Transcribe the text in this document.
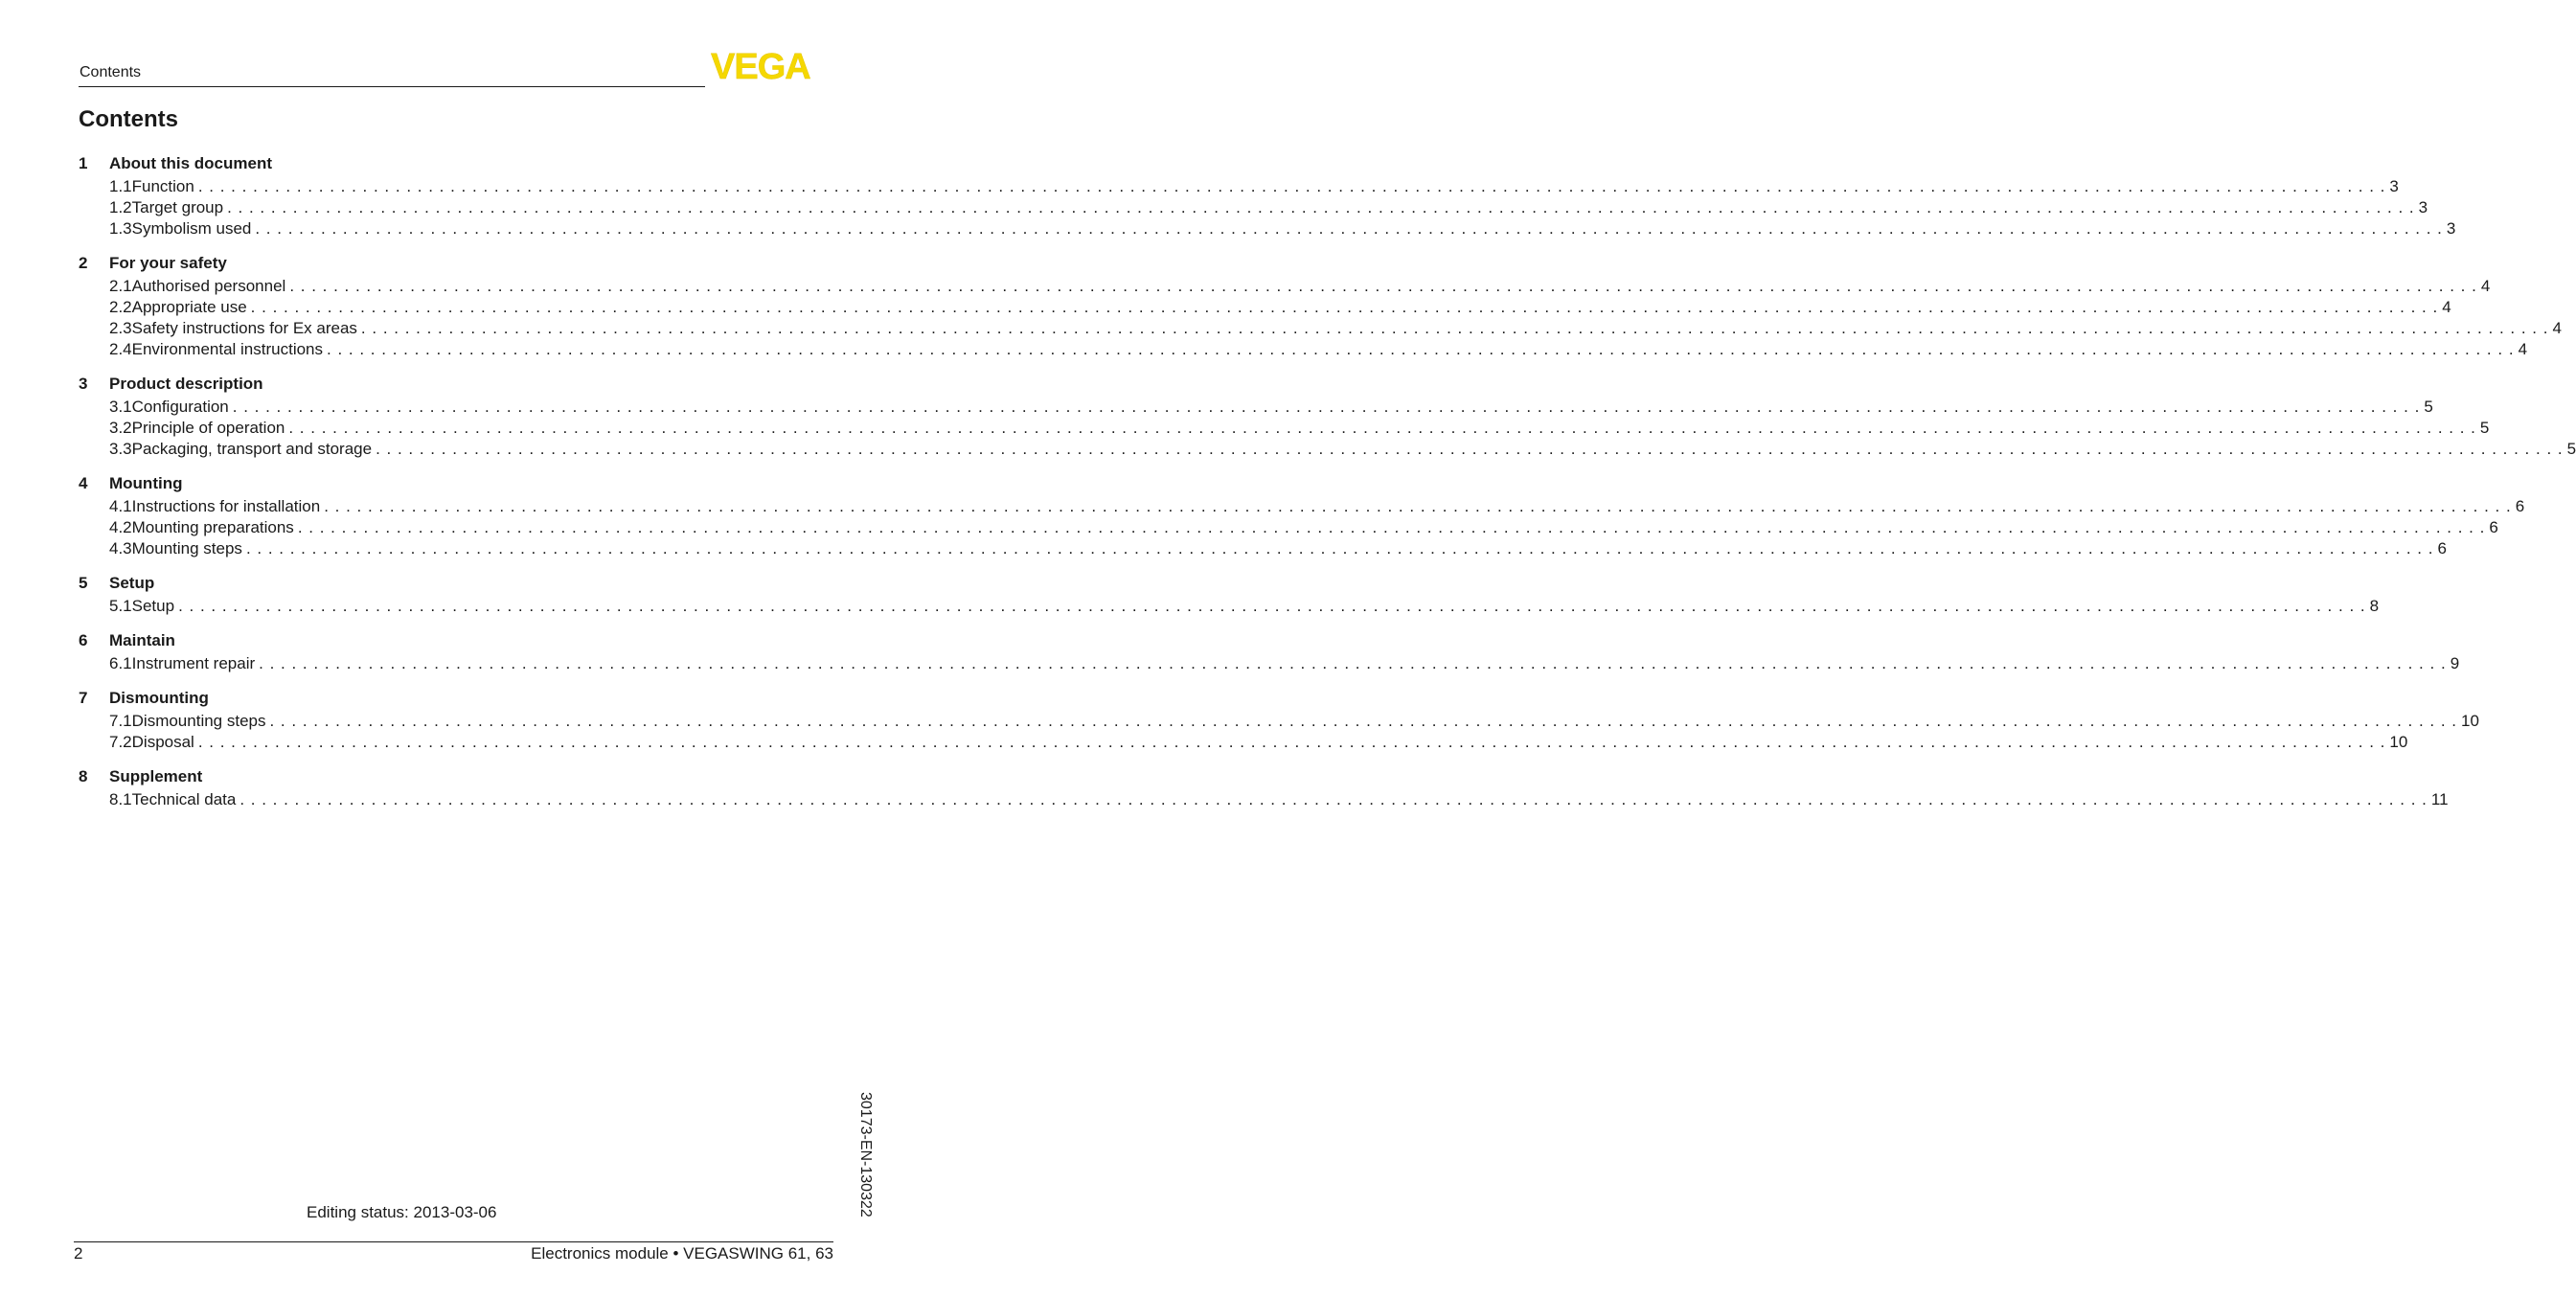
Contents	VEGA
Contents
1	About this document
1.1 Function . . . . . . . . . . . . . . . . . . . . . . . . . . . . . . . . . . . . . . . . . . . . . . . . . . . . . . . . . . . . . . . . . . . . . . . . . . . . . . . . . . . . . . . . . . . . . . . . . . . . . . . . . . . . . . . . . . . . . . . . . . . . . . . . . . . . . . . . . . . . . . . . . . . . . . . . . . . . . . . . . . . . . . . . . . . . . . . . . . . . . . . . . . . . . . . . . . . . . . . . 3
1.2 Target group . . . . . . . . . . . . . . . . . . . . . . . . . . . . . . . . . . . . . . . . . . . . . . . . . . . . . . . . . . . . . . . . . . . . . . . . . . . . . . . . . . . . . . . . . . . . . . . . . . . . . . . . . . . . . . . . . . . . . . . . . . . . . . . . . . . . . . . . . . . . . . . . . . . . . . . . . . . . . . . . . . . . . . . . . . . . . . . . . . . . . . . . . . . . . . . . . . . . . . . . 3
1.3 Symbolism used . . . . . . . . . . . . . . . . . . . . . . . . . . . . . . . . . . . . . . . . . . . . . . . . . . . . . . . . . . . . . . . . . . . . . . . . . . . . . . . . . . . . . . . . . . . . . . . . . . . . . . . . . . . . . . . . . . . . . . . . . . . . . . . . . . . . . . . . . . . . . . . . . . . . . . . . . . . . . . . . . . . . . . . . . . . . . . . . . . . . . . . . . . . . . . . . . . . . . . . . 3
2	For your safety
2.1 Authorised personnel . . . . . . . . . . . . . . . . . . . . . . . . . . . . . . . . . . . . . . . . . . . . . . . . . . . . . . . . . . . . . . . . . . . . . . . . . . . . . . . . . . . . . . . . . . . . . . . . . . . . . . . . . . . . . . . . . . . . . . . . . . . . . . . . . . . . . . . . . . . . . . . . . . . . . . . . . . . . . . . . . . . . . . . . . . . . . . . . . . . . . . . . . . . . . . . . . . . . . . . . 4
2.2 Appropriate use . . . . . . . . . . . . . . . . . . . . . . . . . . . . . . . . . . . . . . . . . . . . . . . . . . . . . . . . . . . . . . . . . . . . . . . . . . . . . . . . . . . . . . . . . . . . . . . . . . . . . . . . . . . . . . . . . . . . . . . . . . . . . . . . . . . . . . . . . . . . . . . . . . . . . . . . . . . . . . . . . . . . . . . . . . . . . . . . . . . . . . . . . . . . . . . . . . . . . . . . 4
2.3 Safety instructions for Ex areas . . . . . . . . . . . . . . . . . . . . . . . . . . . . . . . . . . . . . . . . . . . . . . . . . . . . . . . . . . . . . . . . . . . . . . . . . . . . . . . . . . . . . . . . . . . . . . . . . . . . . . . . . . . . . . . . . . . . . . . . . . . . . . . . . . . . . . . . . . . . . . . . . . . . . . . . . . . . . . . . . . . . . . . . . . . . . . . . . . . . . . . . . . . . . . . . . . . . . . . . 4
2.4 Environmental instructions . . . . . . . . . . . . . . . . . . . . . . . . . . . . . . . . . . . . . . . . . . . . . . . . . . . . . . . . . . . . . . . . . . . . . . . . . . . . . . . . . . . . . . . . . . . . . . . . . . . . . . . . . . . . . . . . . . . . . . . . . . . . . . . . . . . . . . . . . . . . . . . . . . . . . . . . . . . . . . . . . . . . . . . . . . . . . . . . . . . . . . . . . . . . . . . . . . . . . . . . 4
3	Product description
3.1 Configuration . . . . . . . . . . . . . . . . . . . . . . . . . . . . . . . . . . . . . . . . . . . . . . . . . . . . . . . . . . . . . . . . . . . . . . . . . . . . . . . . . . . . . . . . . . . . . . . . . . . . . . . . . . . . . . . . . . . . . . . . . . . . . . . . . . . . . . . . . . . . . . . . . . . . . . . . . . . . . . . . . . . . . . . . . . . . . . . . . . . . . . . . . . . . . . . . . . . . . . . . 5
3.2 Principle of operation . . . . . . . . . . . . . . . . . . . . . . . . . . . . . . . . . . . . . . . . . . . . . . . . . . . . . . . . . . . . . . . . . . . . . . . . . . . . . . . . . . . . . . . . . . . . . . . . . . . . . . . . . . . . . . . . . . . . . . . . . . . . . . . . . . . . . . . . . . . . . . . . . . . . . . . . . . . . . . . . . . . . . . . . . . . . . . . . . . . . . . . . . . . . . . . . . . . . . . . . 5
3.3 Packaging, transport and storage . . . . . . . . . . . . . . . . . . . . . . . . . . . . . . . . . . . . . . . . . . . . . . . . . . . . . . . . . . . . . . . . . . . . . . . . . . . . . . . . . . . . . . . . . . . . . . . . . . . . . . . . . . . . . . . . . . . . . . . . . . . . . . . . . . . . . . . . . . . . . . . . . . . . . . . . . . . . . . . . . . . . . . . . . . . . . . . . . . . . . . . . . . . . . . . . . . . . . . . . 5
4	Mounting
4.1 Instructions for installation . . . . . . . . . . . . . . . . . . . . . . . . . . . . . . . . . . . . . . . . . . . . . . . . . . . . . . . . . . . . . . . . . . . . . . . . . . . . . . . . . . . . . . . . . . . . . . . . . . . . . . . . . . . . . . . . . . . . . . . . . . . . . . . . . . . . . . . . . . . . . . . . . . . . . . . . . . . . . . . . . . . . . . . . . . . . . . . . . . . . . . . . . . . . . . . . . . . . . . . . 6
4.2 Mounting preparations . . . . . . . . . . . . . . . . . . . . . . . . . . . . . . . . . . . . . . . . . . . . . . . . . . . . . . . . . . . . . . . . . . . . . . . . . . . . . . . . . . . . . . . . . . . . . . . . . . . . . . . . . . . . . . . . . . . . . . . . . . . . . . . . . . . . . . . . . . . . . . . . . . . . . . . . . . . . . . . . . . . . . . . . . . . . . . . . . . . . . . . . . . . . . . . . . . . . . . . . 6
4.3 Mounting steps . . . . . . . . . . . . . . . . . . . . . . . . . . . . . . . . . . . . . . . . . . . . . . . . . . . . . . . . . . . . . . . . . . . . . . . . . . . . . . . . . . . . . . . . . . . . . . . . . . . . . . . . . . . . . . . . . . . . . . . . . . . . . . . . . . . . . . . . . . . . . . . . . . . . . . . . . . . . . . . . . . . . . . . . . . . . . . . . . . . . . . . . . . . . . . . . . . . . . . . . 6
5	Setup
5.1 Setup . . . . . . . . . . . . . . . . . . . . . . . . . . . . . . . . . . . . . . . . . . . . . . . . . . . . . . . . . . . . . . . . . . . . . . . . . . . . . . . . . . . . . . . . . . . . . . . . . . . . . . . . . . . . . . . . . . . . . . . . . . . . . . . . . . . . . . . . . . . . . . . . . . . . . . . . . . . . . . . . . . . . . . . . . . . . . . . . . . . . . . . . . . . . . . . . . . . . . . . . 8
6	Maintain
6.1 Instrument repair . . . . . . . . . . . . . . . . . . . . . . . . . . . . . . . . . . . . . . . . . . . . . . . . . . . . . . . . . . . . . . . . . . . . . . . . . . . . . . . . . . . . . . . . . . . . . . . . . . . . . . . . . . . . . . . . . . . . . . . . . . . . . . . . . . . . . . . . . . . . . . . . . . . . . . . . . . . . . . . . . . . . . . . . . . . . . . . . . . . . . . . . . . . . . . . . . . . . . . . . 9
7	Dismounting
7.1 Dismounting steps . . . . . . . . . . . . . . . . . . . . . . . . . . . . . . . . . . . . . . . . . . . . . . . . . . . . . . . . . . . . . . . . . . . . . . . . . . . . . . . . . . . . . . . . . . . . . . . . . . . . . . . . . . . . . . . . . . . . . . . . . . . . . . . . . . . . . . . . . . . . . . . . . . . . . . . . . . . . . . . . . . . . . . . . . . . . . . . . . . . . . . . . . . . . . . . . . . . . . . . . 10
7.2 Disposal . . . . . . . . . . . . . . . . . . . . . . . . . . . . . . . . . . . . . . . . . . . . . . . . . . . . . . . . . . . . . . . . . . . . . . . . . . . . . . . . . . . . . . . . . . . . . . . . . . . . . . . . . . . . . . . . . . . . . . . . . . . . . . . . . . . . . . . . . . . . . . . . . . . . . . . . . . . . . . . . . . . . . . . . . . . . . . . . . . . . . . . . . . . . . . . . . . . . . . . . 10
8	Supplement
8.1 Technical data . . . . . . . . . . . . . . . . . . . . . . . . . . . . . . . . . . . . . . . . . . . . . . . . . . . . . . . . . . . . . . . . . . . . . . . . . . . . . . . . . . . . . . . . . . . . . . . . . . . . . . . . . . . . . . . . . . . . . . . . . . . . . . . . . . . . . . . . . . . . . . . . . . . . . . . . . . . . . . . . . . . . . . . . . . . . . . . . . . . . . . . . . . . . . . . . . . . . . . . . 11
30173-EN-130322
Editing status: 2013-03-06
2	Electronics module • VEGASWING 61, 63
